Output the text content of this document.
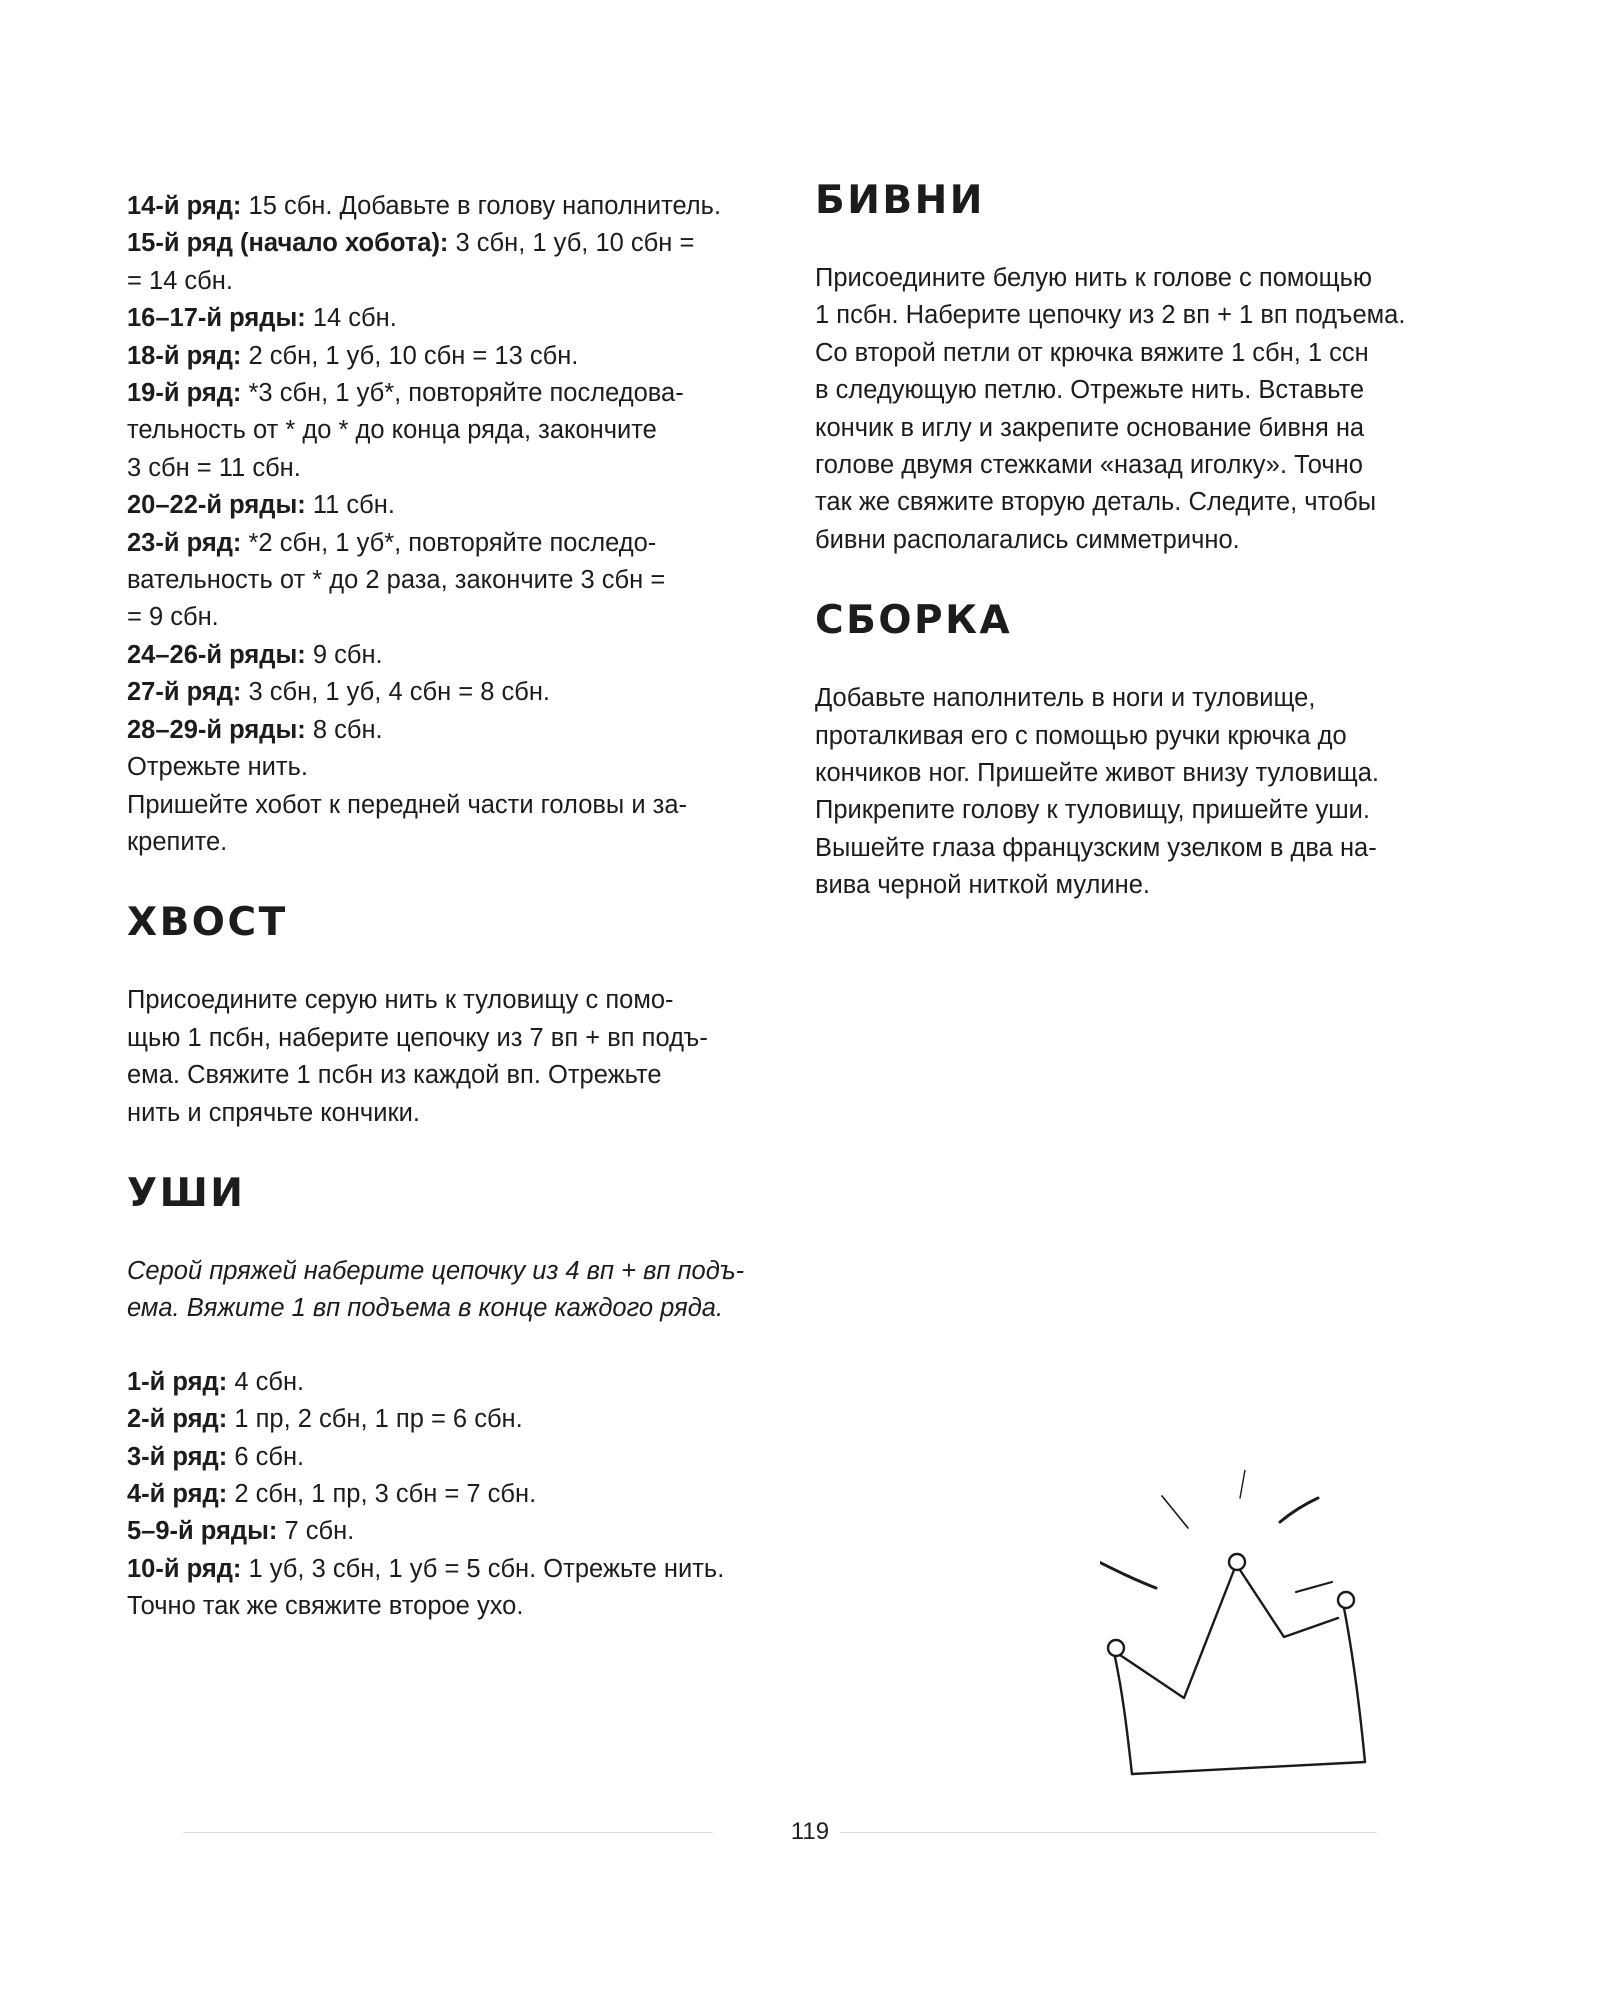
14-й ряд: 15 сбн. Добавьте в голову наполнитель.

15-й ряд (начало хобота): 3 сбн, 1 уб, 10 сбн =

= 14 сбн.

16–17-й ряды: 14 сбн.

18-й ряд: 2 сбн, 1 уб, 10 сбн = 13 сбн.

19-й ряд: *3 сбн, 1 уб*, повторяйте последова-

тельность от * до * до конца ряда, закончите

3 сбн = 11 сбн.

20–22-й ряды: 11 сбн.

23-й ряд: *2 сбн, 1 уб*, повторяйте последо-

вательность от * до 2 раза, закончите 3 сбн =

= 9 сбн.

24–26-й ряды: 9 сбн.

27-й ряд: 3 сбн, 1 уб, 4 сбн = 8 сбн.

28–29-й ряды: 8 сбн.

Отрежьте нить.

Пришейте хобот к передней части головы и за-

крепите.

ХВОСТ

Присоедините серую нить к туловищу с помо-

щью 1 псбн, наберите цепочку из 7 вп + вп подъ-

ема. Свяжите 1 псбн из каждой вп. Отрежьте

нить и спрячьте кончики.

УШИ

Серой пряжей наберите цепочку из 4 вп + вп подъ-

ема. Вяжите 1 вп подъема в конце каждого ряда.

1-й ряд: 4 сбн.

2-й ряд: 1 пр, 2 сбн, 1 пр = 6 сбн.

3-й ряд: 6 сбн.

4-й ряд: 2 сбн, 1 пр, 3 сбн = 7 сбн.

5–9-й ряды: 7 сбн.

10-й ряд: 1 уб, 3 сбн, 1 уб = 5 сбн. Отрежьте нить.

Точно так же свяжите второе ухо.

БИВНИ

Присоедините белую нить к голове с помощью

1 псбн. Наберите цепочку из 2 вп + 1 вп подъема.

Со второй петли от крючка вяжите 1 сбн, 1 ссн

в следующую петлю. Отрежьте нить. Вставьте

кончик в иглу и закрепите основание бивня на

голове двумя стежками «назад иголку». Точно

так же свяжите вторую деталь. Следите, чтобы

бивни располагались симметрично.

СБОРКА

Добавьте наполнитель в ноги и туловище,

проталкивая его с помощью ручки крючка до

кончиков ног. Пришейте живот внизу туловища.

Прикрепите голову к туловищу, пришейте уши.

Вышейте глаза французским узелком в два на-

вива черной ниткой мулине.

119
